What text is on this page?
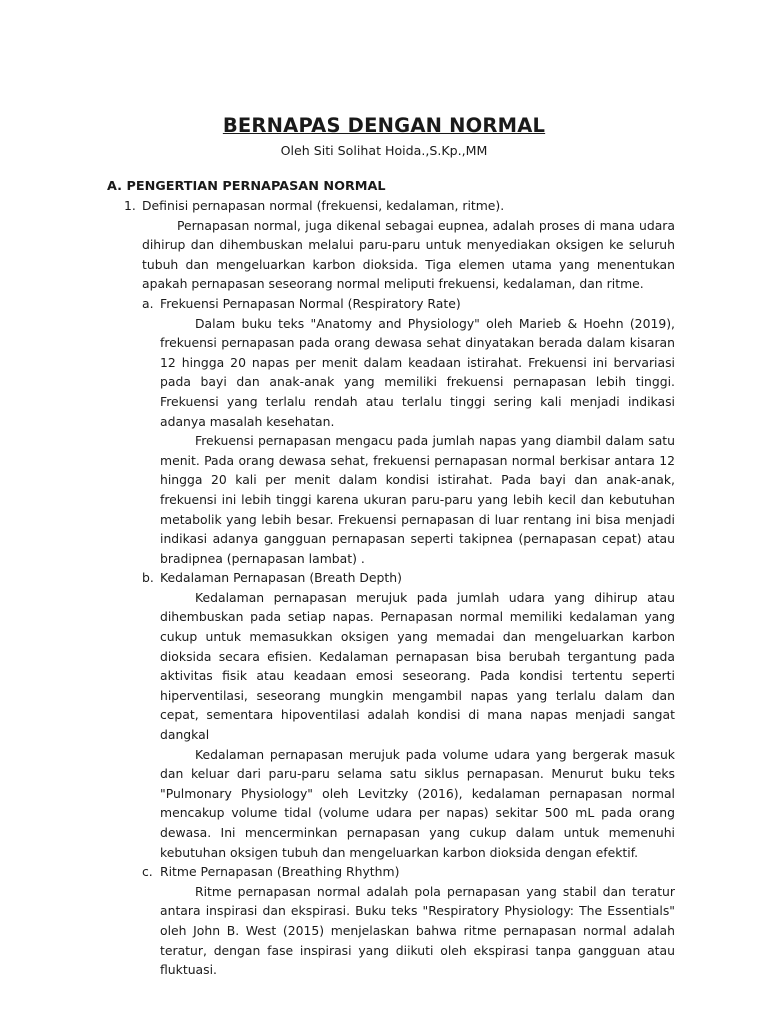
BERNAPAS DENGAN NORMAL

Oleh Siti Solihat Hoida.,S.Kp.,MM

A. PENGERTIAN PERNAPASAN NORMAL
1. Definisi pernapasan normal (frekuensi, kedalaman, ritme).

Pernapasan normal, juga dikenal sebagai eupnea, adalah proses di mana udara dihirup dan dihembuskan melalui paru-paru untuk menyediakan oksigen ke seluruh tubuh dan mengeluarkan karbon dioksida. Tiga elemen utama yang menentukan apakah pernapasan seseorang normal meliputi frekuensi, kedalaman, dan ritme.

a. Frekuensi Pernapasan Normal (Respiratory Rate)

Dalam buku teks "Anatomy and Physiology" oleh Marieb & Hoehn (2019), frekuensi pernapasan pada orang dewasa sehat dinyatakan berada dalam kisaran 12 hingga 20 napas per menit dalam keadaan istirahat. Frekuensi ini bervariasi pada bayi dan anak-anak yang memiliki frekuensi pernapasan lebih tinggi. Frekuensi yang terlalu rendah atau terlalu tinggi sering kali menjadi indikasi adanya masalah kesehatan.

Frekuensi pernapasan mengacu pada jumlah napas yang diambil dalam satu menit. Pada orang dewasa sehat, frekuensi pernapasan normal berkisar antara 12 hingga 20 kali per menit dalam kondisi istirahat. Pada bayi dan anak-anak, frekuensi ini lebih tinggi karena ukuran paru-paru yang lebih kecil dan kebutuhan metabolik yang lebih besar. Frekuensi pernapasan di luar rentang ini bisa menjadi indikasi adanya gangguan pernapasan seperti takipnea (pernapasan cepat) atau bradipnea (pernapasan lambat) .

b. Kedalaman Pernapasan (Breath Depth)

Kedalaman pernapasan merujuk pada jumlah udara yang dihirup atau dihembuskan pada setiap napas. Pernapasan normal memiliki kedalaman yang cukup untuk memasukkan oksigen yang memadai dan mengeluarkan karbon dioksida secara efisien. Kedalaman pernapasan bisa berubah tergantung pada aktivitas fisik atau keadaan emosi seseorang. Pada kondisi tertentu seperti hiperventilasi, seseorang mungkin mengambil napas yang terlalu dalam dan cepat, sementara hipoventilasi adalah kondisi di mana napas menjadi sangat dangkal

Kedalaman pernapasan merujuk pada volume udara yang bergerak masuk dan keluar dari paru-paru selama satu siklus pernapasan. Menurut buku teks "Pulmonary Physiology" oleh Levitzky (2016), kedalaman pernapasan normal mencakup volume tidal (volume udara per napas) sekitar 500 mL pada orang dewasa. Ini mencerminkan pernapasan yang cukup dalam untuk memenuhi kebutuhan oksigen tubuh dan mengeluarkan karbon dioksida dengan efektif.

c. Ritme Pernapasan (Breathing Rhythm)

Ritme pernapasan normal adalah pola pernapasan yang stabil dan teratur antara inspirasi dan ekspirasi. Buku teks "Respiratory Physiology: The Essentials" oleh John B. West (2015) menjelaskan bahwa ritme pernapasan normal adalah teratur, dengan fase inspirasi yang diikuti oleh ekspirasi tanpa gangguan atau fluktuasi.
